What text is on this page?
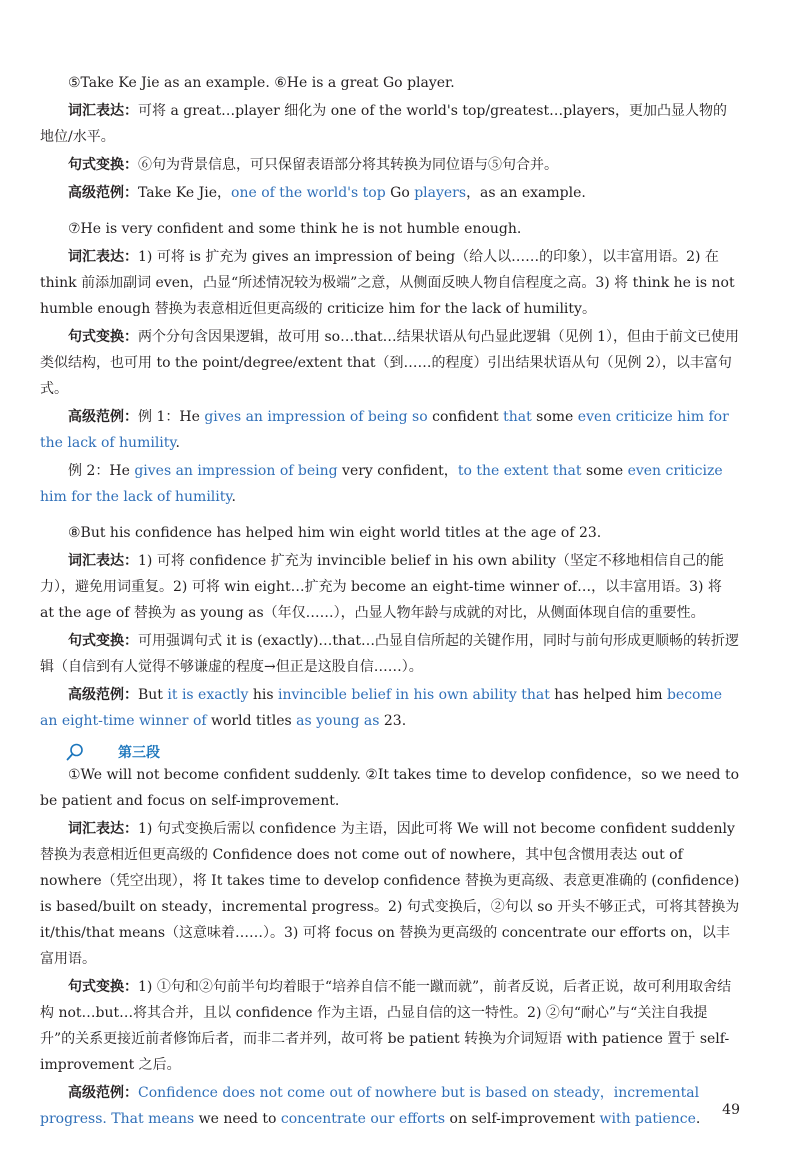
⑤Take Ke Jie as an example. ⑥He is a great Go player.

词汇表达：可将 a great…player 细化为 one of the world's top/greatest…players，更加凸显人物的地位/水平。

句式变换：⑥句为背景信息，可只保留表语部分将其转换为同位语与⑤句合并。

高级范例：Take Ke Jie，one of the world's top Go players，as an example.

⑦He is very confident and some think he is not humble enough.

词汇表达：1) 可将 is 扩充为 gives an impression of being（给人以……的印象），以丰富用语。2) 在 think 前添加副词 even，凸显“所述情况较为极端”之意，从侧面反映人物自信程度之高。3) 将 think he is not humble enough 替换为表意相近但更高级的 criticize him for the lack of humility。

句式变换：两个分句含因果逻辑，故可用 so…that…结果状语从句凸显此逻辑（见例 1），但由于前文已使用类似结构，也可用 to the point/degree/extent that（到……的程度）引出结果状语从句（见例 2），以丰富句式。

高级范例：例 1：He gives an impression of being so confident that some even criticize him for the lack of humility.

例 2：He gives an impression of being very confident，to the extent that some even criticize him for the lack of humility.

⑧But his confidence has helped him win eight world titles at the age of 23.

词汇表达：1) 可将 confidence 扩充为 invincible belief in his own ability（坚定不移地相信自己的能力），避免用词重复。2) 可将 win eight…扩充为 become an eight-time winner of…，以丰富用语。3) 将 at the age of 替换为 as young as（年仅……），凸显人物年龄与成就的对比，从侧面体现自信的重要性。

句式变换：可用强调句式 it is (exactly)…that…凸显自信所起的关键作用，同时与前句形成更顺畅的转折逻辑（自信到有人觉得不够谦虚的程度→但正是这股自信……）。

高级范例：But it is exactly his invincible belief in his own ability that has helped him become an eight-time winner of world titles as young as 23.

第三段

①We will not become confident suddenly. ②It takes time to develop confidence，so we need to be patient and focus on self-improvement.

词汇表达：1) 句式变换后需以 confidence 为主语，因此可将 We will not become confident suddenly 替换为表意相近但更高级的 Confidence does not come out of nowhere，其中包含惯用表达 out of nowhere（凭空出现），将 It takes time to develop confidence 替换为更高级、表意更准确的 (confidence) is based/built on steady，incremental progress。2) 句式变换后，②句以 so 开头不够正式，可将其替换为 it/this/that means（这意味着……）。3) 可将 focus on 替换为更高级的 concentrate our efforts on，以丰富用语。

句式变换：1) ①句和②句前半句均着眼于“培养自信不能一蹴而就”，前者反说，后者正说，故可利用取舍结构 not…but…将其合并，且以 confidence 作为主语，凸显自信的这一特性。2) ②句“耐心”与“关注自我提升”的关系更接近前者修饰后者，而非二者并列，故可将 be patient 转换为介词短语 with patience 置于 self-improvement 之后。

高级范例：Confidence does not come out of nowhere but is based on steady，incremental progress. That means we need to concentrate our efforts on self-improvement with patience.

49
